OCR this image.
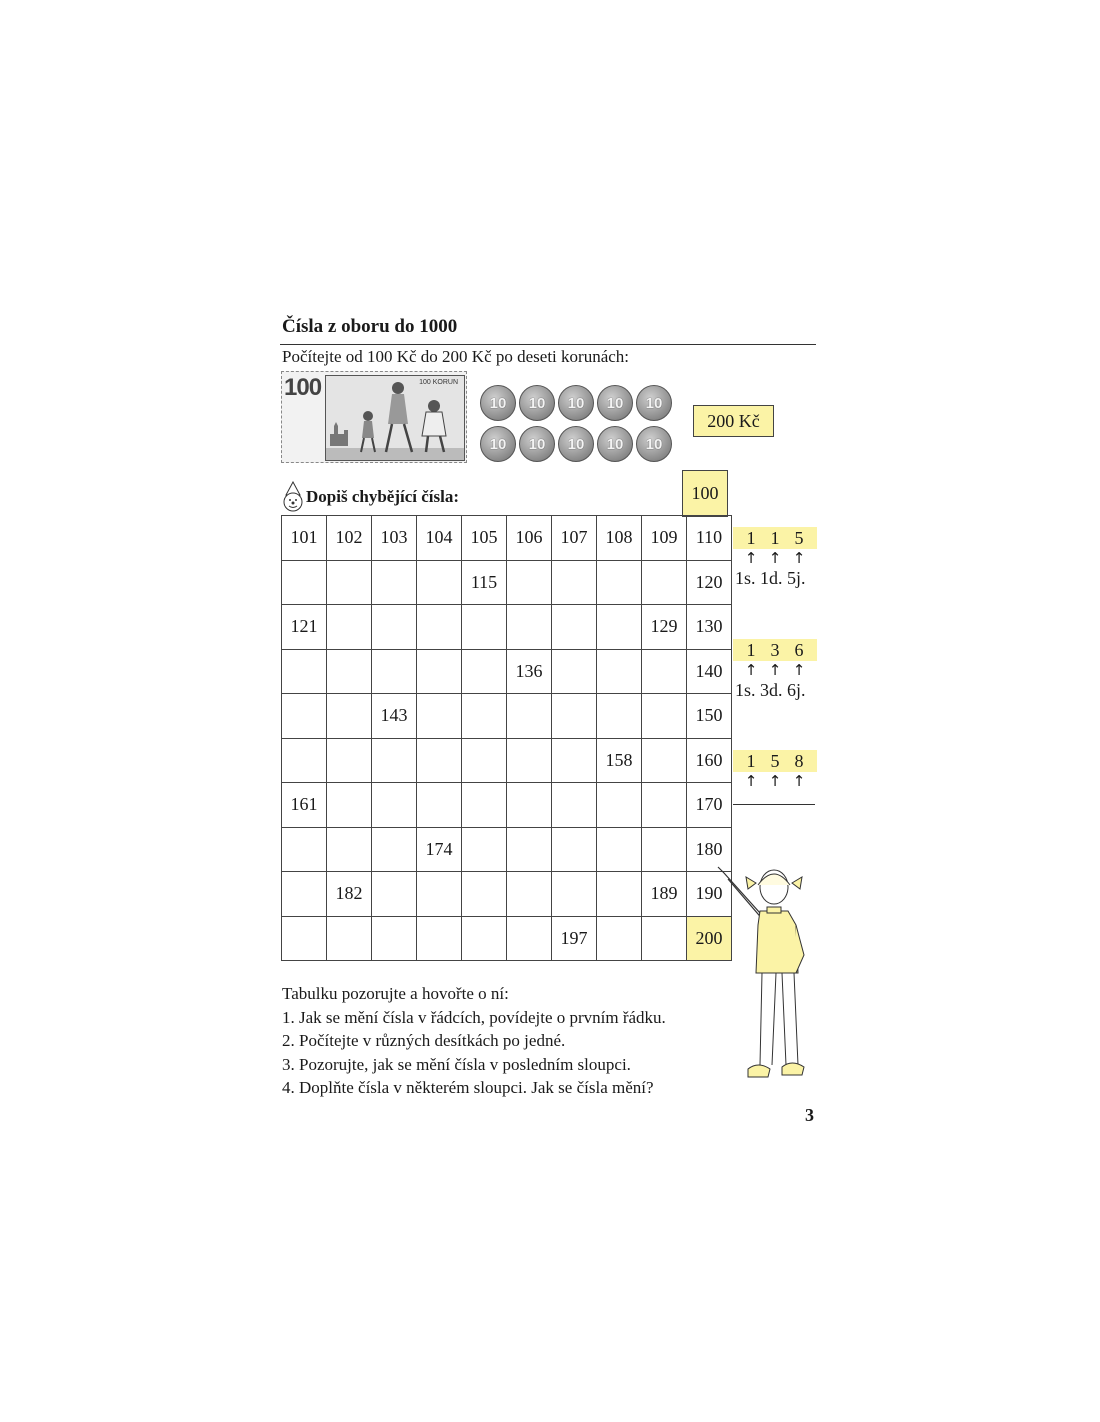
Čísla z oboru do 1000
Počítejte od 100 Kč do 200 Kč po deseti korunách:
100	100 KORUN
10	10	10	10	10
10	10	10	10	10
200 Kč
Dopiš chybějící čísla:	100
101	102	103	104	105	106	107	108	109	110
				115					120
121								129	130
					136				140
		143							150
							158		160
161									170
			174						180
	182							189	190
						197			200
1 1 5
↑ ↑ ↑
1s. 1d. 5j.
1 3 6
↑ ↑ ↑
1s. 3d. 6j.
1 5 8
↑ ↑ ↑
Tabulku pozorujte a hovořte o ní:
1. Jak se mění čísla v řádcích, povídejte o prvním řádku.
2. Počítejte v různých desítkách po jedné.
3. Pozorujte, jak se mění čísla v posledním sloupci.
4. Doplňte čísla v některém sloupci. Jak se čísla mění?
3
